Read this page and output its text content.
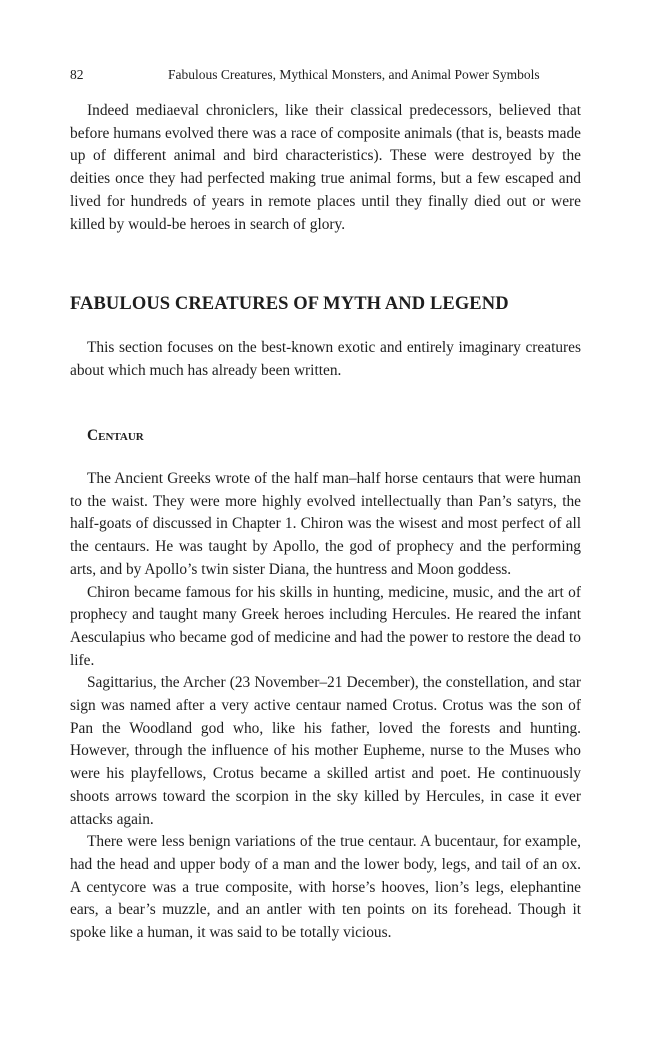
82	Fabulous Creatures, Mythical Monsters, and Animal Power Symbols

Indeed mediaeval chroniclers, like their classical predecessors, believed that before humans evolved there was a race of composite animals (that is, beasts made up of different animal and bird characteristics). These were destroyed by the deities once they had perfected making true animal forms, but a few escaped and lived for hundreds of years in remote places until they finally died out or were killed by would-be heroes in search of glory.

FABULOUS CREATURES OF MYTH AND LEGEND

This section focuses on the best-known exotic and entirely imaginary creatures about which much has already been written.

Centaur

The Ancient Greeks wrote of the half man–half horse centaurs that were human to the waist. They were more highly evolved intellectually than Pan’s satyrs, the half-goats of discussed in Chapter 1. Chiron was the wisest and most perfect of all the centaurs. He was taught by Apollo, the god of prophecy and the performing arts, and by Apollo’s twin sister Diana, the huntress and Moon goddess.

Chiron became famous for his skills in hunting, medicine, music, and the art of prophecy and taught many Greek heroes including Hercules. He reared the infant Aesculapius who became god of medicine and had the power to restore the dead to life.

Sagittarius, the Archer (23 November–21 December), the constellation, and star sign was named after a very active centaur named Crotus. Crotus was the son of Pan the Woodland god who, like his father, loved the forests and hunting. However, through the influence of his mother Eupheme, nurse to the Muses who were his playfellows, Crotus became a skilled artist and poet. He continuously shoots arrows toward the scorpion in the sky killed by Hercules, in case it ever attacks again.

There were less benign variations of the true centaur. A bucentaur, for example, had the head and upper body of a man and the lower body, legs, and tail of an ox. A centycore was a true composite, with horse’s hooves, lion’s legs, elephantine ears, a bear’s muzzle, and an antler with ten points on its forehead. Though it spoke like a human, it was said to be totally vicious.
